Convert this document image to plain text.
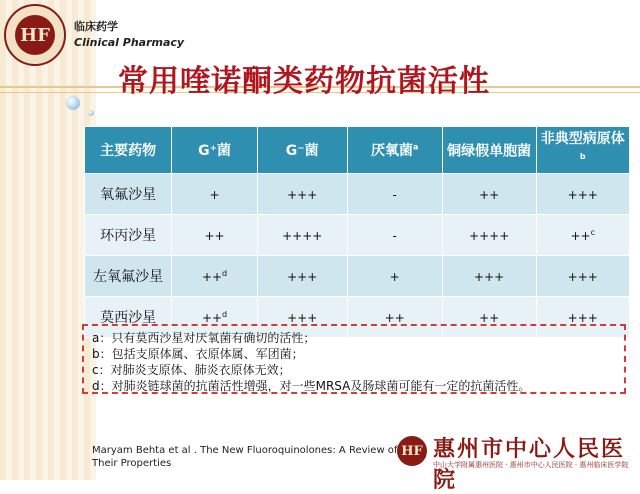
HF	临床药学
Clinical Pharmacy
常用喹诺酮类药物抗菌活性
主要药物	G⁺菌	G⁻菌	厌氧菌$^a$	铜绿假单胞菌	非典型病原体$^b$
氧氟沙星	+	+++	-	++	+++
环丙沙星	++	++++	-	++++	++$^c$
左氧氟沙星	++$^d$	+++	+	+++	+++
莫西沙星	++$^d$	+++	++	++	+++
a：只有莫西沙星对厌氧菌有确切的活性；
b：包括支原体属、衣原体属、军团菌；
c：对肺炎支原体、肺炎衣原体无效；
d：对肺炎链球菌的抗菌活性增强，对一些MRSA及肠球菌可能有一定的抗菌活性。
Maryam Behta et al . The New Fluoroquinolones: A Review of Their Properties
HF 惠州市中心人民医院
中山大学附属惠州医院 · 惠州市中心人民医院 · 惠州临床医学院
